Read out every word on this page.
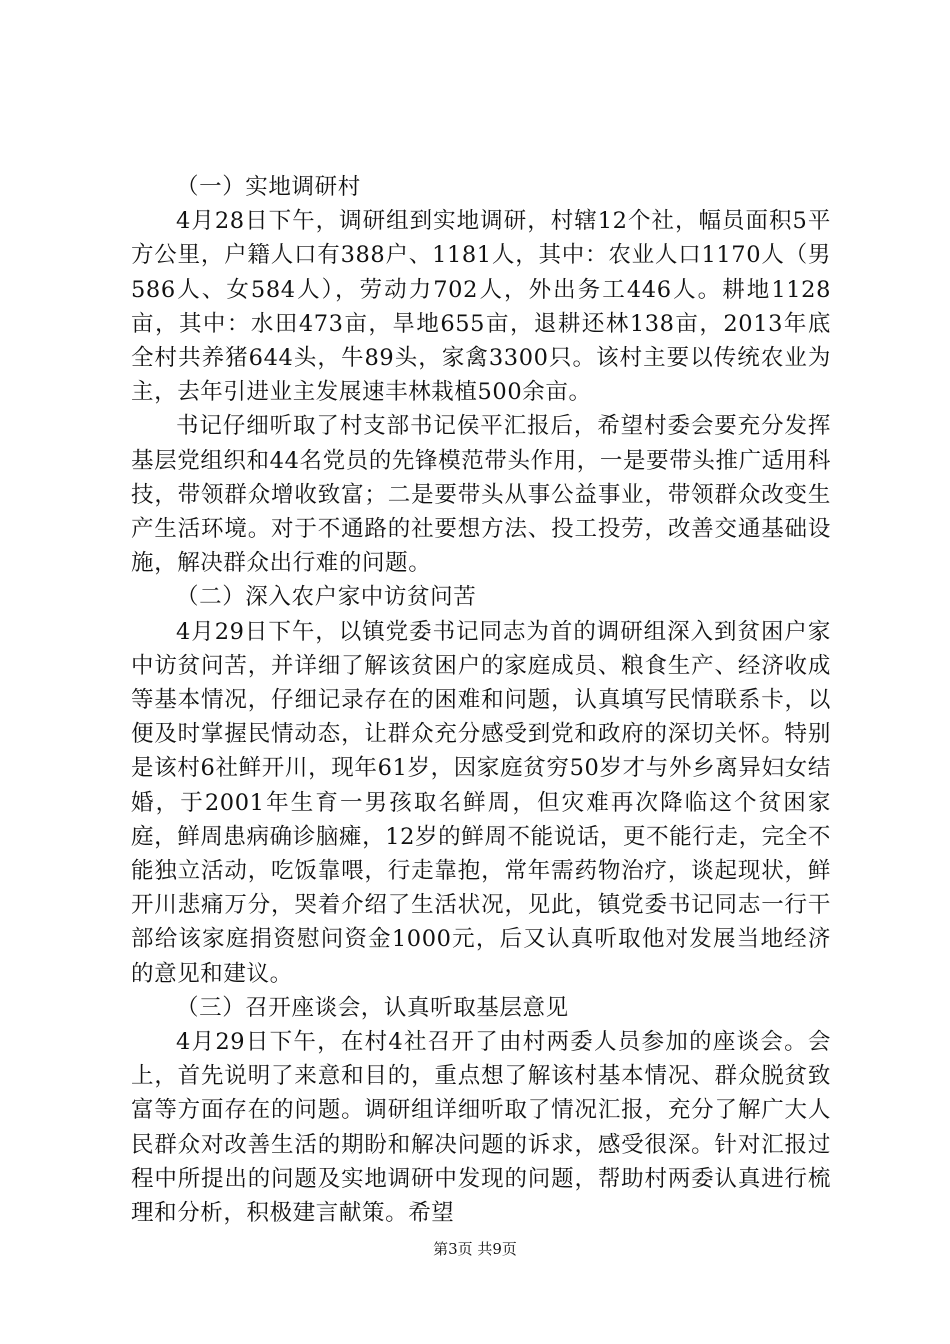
（一）实地调研村

4月28日下午，调研组到实地调研，村辖12个社，幅员面积5平方公里，户籍人口有388户、1181人，其中：农业人口1170人（男586人、女584人），劳动力702人，外出务工446人。耕地1128亩，其中：水田473亩，旱地655亩，退耕还林138亩，2013年底全村共养猪644头，牛89头，家禽3300只。该村主要以传统农业为主，去年引进业主发展速丰林栽植500余亩。

书记仔细听取了村支部书记侯平汇报后，希望村委会要充分发挥基层党组织和44名党员的先锋模范带头作用，一是要带头推广适用科技，带领群众增收致富；二是要带头从事公益事业，带领群众改变生产生活环境。对于不通路的社要想方法、投工投劳，改善交通基础设施，解决群众出行难的问题。

（二）深入农户家中访贫问苦

4月29日下午，以镇党委书记同志为首的调研组深入到贫困户家中访贫问苦，并详细了解该贫困户的家庭成员、粮食生产、经济收成等基本情况，仔细记录存在的困难和问题，认真填写民情联系卡，以便及时掌握民情动态，让群众充分感受到党和政府的深切关怀。特别是该村6社鲜开川，现年61岁，因家庭贫穷50岁才与外乡离异妇女结婚，于2001年生育一男孩取名鲜周，但灾难再次降临这个贫困家庭，鲜周患病确诊脑瘫，12岁的鲜周不能说话，更不能行走，完全不能独立活动，吃饭靠喂，行走靠抱，常年需药物治疗，谈起现状，鲜开川悲痛万分，哭着介绍了生活状况，见此，镇党委书记同志一行干部给该家庭捐资慰问资金1000元，后又认真听取他对发展当地经济的意见和建议。

（三）召开座谈会，认真听取基层意见

4月29日下午，在村4社召开了由村两委人员参加的座谈会。会上，首先说明了来意和目的，重点想了解该村基本情况、群众脱贫致富等方面存在的问题。调研组详细听取了情况汇报，充分了解广大人民群众对改善生活的期盼和解决问题的诉求，感受很深。针对汇报过程中所提出的问题及实地调研中发现的问题，帮助村两委认真进行梳理和分析，积极建言献策。希望

第3页 共9页
